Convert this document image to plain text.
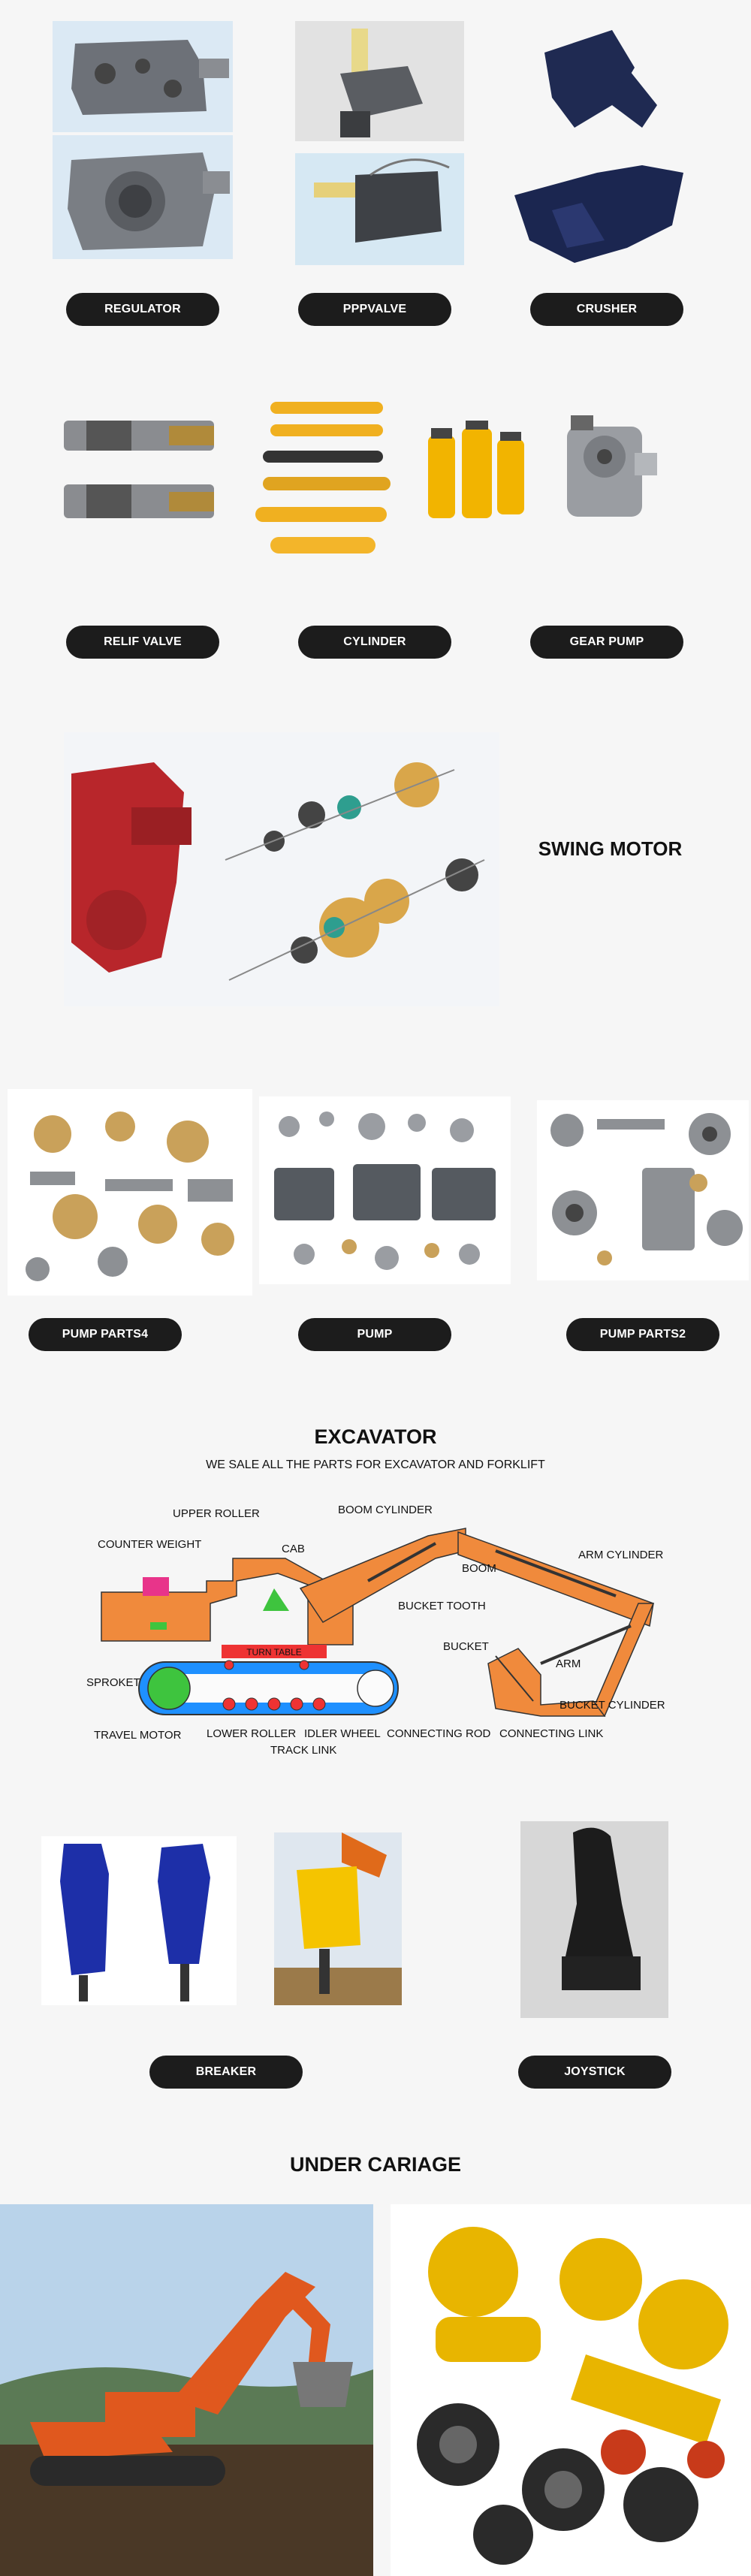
REGULATOR	PPPVALVE	CRUSHER
RELIF VALVE	CYLINDER	GEAR PUMP
SWING MOTOR
PUMP PARTS4	PUMP	PUMP PARTS2
EXCAVATOR
WE SALE ALL THE PARTS FOR EXCAVATOR AND FORKLIFT
TURN TABLE
UPPER ROLLER	BOOM CYLINDER
COUNTER WEIGHT	CAB
BOOM
ARM CYLINDER
BUCKET TOOTH
BUCKET
ARM
SPROKET
BUCKET CYLINDER
TRAVEL MOTOR LOWER ROLLER IDLER WHEEL
TRACK LINK
CONNECTING ROD CONNECTING LINK
BREAKER	JOYSTICK
UNDER CARIAGE
